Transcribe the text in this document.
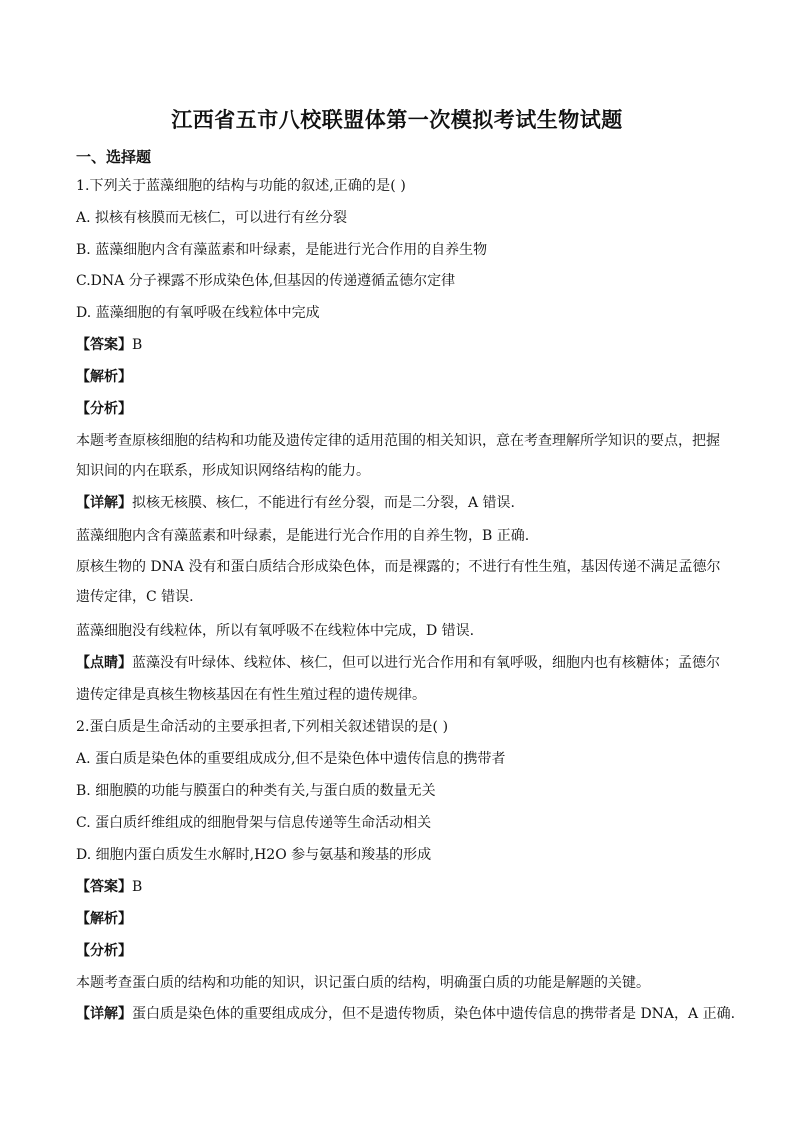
江西省五市八校联盟体第一次模拟考试生物试题
一、选择题
1.下列关于蓝藻细胞的结构与功能的叙述,正确的是( )
A. 拟核有核膜而无核仁，可以进行有丝分裂
B. 蓝藻细胞内含有藻蓝素和叶绿素，是能进行光合作用的自养生物
C.DNA 分子裸露不形成染色体,但基因的传递遵循孟德尔定律
D. 蓝藻细胞的有氧呼吸在线粒体中完成
【答案】B
【解析】
【分析】
本题考查原核细胞的结构和功能及遗传定律的适用范围的相关知识，意在考查理解所学知识的要点，把握
知识间的内在联系，形成知识网络结构的能力。
【详解】拟核无核膜、核仁，不能进行有丝分裂，而是二分裂，A 错误.
蓝藻细胞内含有藻蓝素和叶绿素，是能进行光合作用的自养生物，B 正确.
原核生物的 DNA 没有和蛋白质结合形成染色体，而是裸露的；不进行有性生殖，基因传递不满足孟德尔
遗传定律，C 错误.
蓝藻细胞没有线粒体，所以有氧呼吸不在线粒体中完成，D 错误.
【点睛】蓝藻没有叶绿体、线粒体、核仁，但可以进行光合作用和有氧呼吸，细胞内也有核糖体；孟德尔
遗传定律是真核生物核基因在有性生殖过程的遗传规律。
2.蛋白质是生命活动的主要承担者,下列相关叙述错误的是( )
A. 蛋白质是染色体的重要组成成分,但不是染色体中遗传信息的携带者
B. 细胞膜的功能与膜蛋白的种类有关,与蛋白质的数量无关
C. 蛋白质纤维组成的细胞骨架与信息传递等生命活动相关
D. 细胞内蛋白质发生水解时,H2O 参与氨基和羧基的形成
【答案】B
【解析】
【分析】
本题考查蛋白质的结构和功能的知识，识记蛋白质的结构，明确蛋白质的功能是解题的关键。
【详解】蛋白质是染色体的重要组成成分，但不是遗传物质，染色体中遗传信息的携带者是 DNA，A 正确.
